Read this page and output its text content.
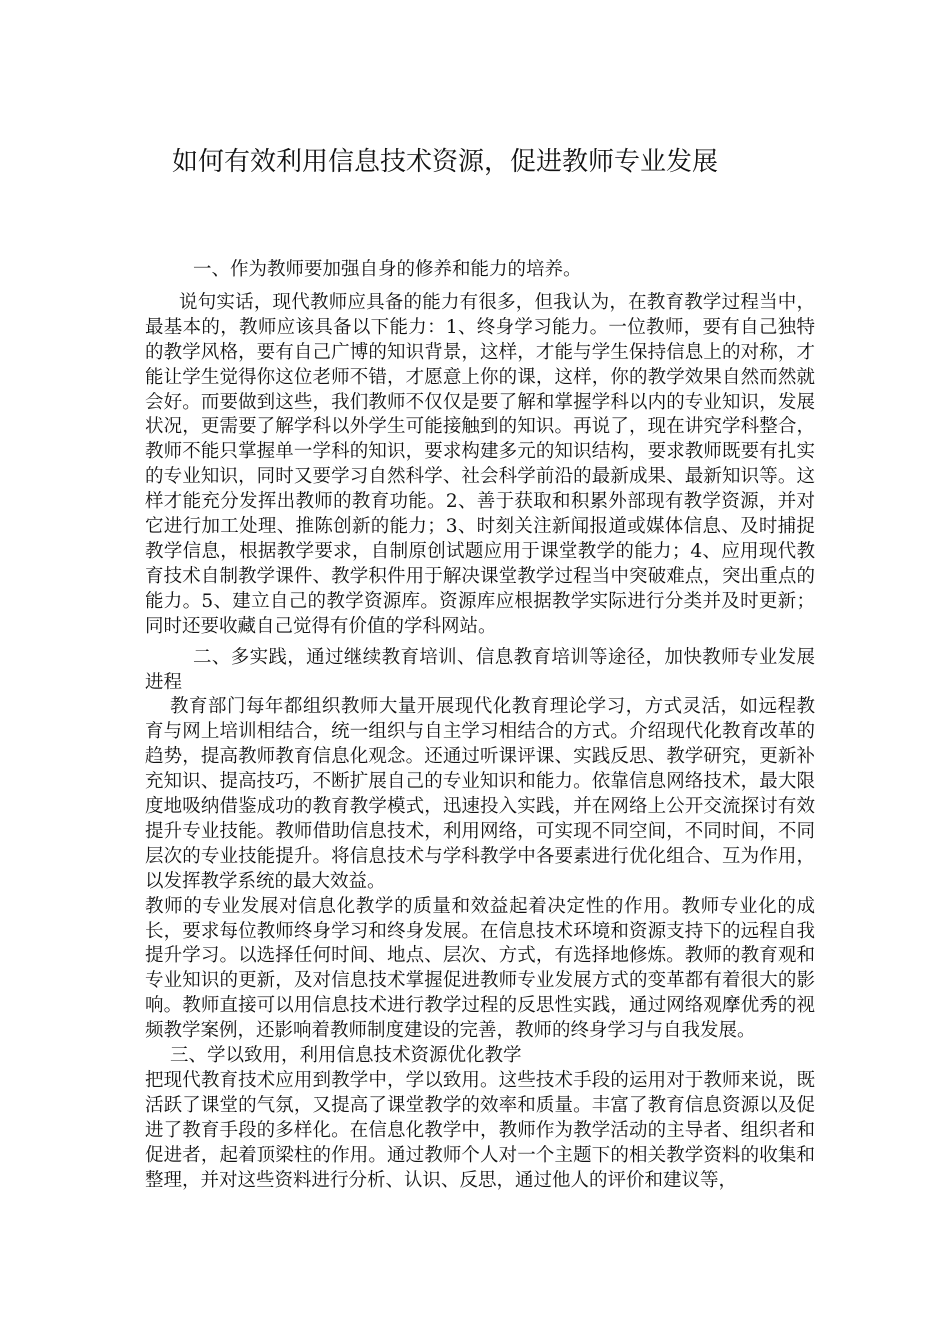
如何有效利用信息技术资源，促进教师专业发展

一、作为教师要加强自身的修养和能力的培养。

说句实话，现代教师应具备的能力有很多，但我认为，在教育教学过程当中，最基本的，教师应该具备以下能力：1、终身学习能力。一位教师，要有自己独特的教学风格，要有自己广博的知识背景，这样，才能与学生保持信息上的对称，才能让学生觉得你这位老师不错，才愿意上你的课，这样，你的教学效果自然而然就会好。而要做到这些，我们教师不仅仅是要了解和掌握学科以内的专业知识，发展状况，更需要了解学科以外学生可能接触到的知识。再说了，现在讲究学科整合，教师不能只掌握单一学科的知识，要求构建多元的知识结构，要求教师既要有扎实的专业知识，同时又要学习自然科学、社会科学前沿的最新成果、最新知识等。这样才能充分发挥出教师的教育功能。2、善于获取和积累外部现有教学资源，并对它进行加工处理、推陈创新的能力；3、时刻关注新闻报道或媒体信息、及时捕捉教学信息，根据教学要求，自制原创试题应用于课堂教学的能力；4、应用现代教育技术自制教学课件、教学积件用于解决课堂教学过程当中突破难点，突出重点的能力。5、建立自己的教学资源库。资源库应根据教学实际进行分类并及时更新；同时还要收藏自己觉得有价值的学科网站。

二、多实践，通过继续教育培训、信息教育培训等途径，加快教师专业发展进程

教育部门每年都组织教师大量开展现代化教育理论学习，方式灵活，如远程教育与网上培训相结合，统一组织与自主学习相结合的方式。介绍现代化教育改革的趋势，提高教师教育信息化观念。还通过听课评课、实践反思、教学研究，更新补充知识、提高技巧，不断扩展自己的专业知识和能力。依靠信息网络技术，最大限度地吸纳借鉴成功的教育教学模式，迅速投入实践，并在网络上公开交流探讨有效提升专业技能。教师借助信息技术，利用网络，可实现不同空间，不同时间，不同层次的专业技能提升。将信息技术与学科教学中各要素进行优化组合、互为作用，以发挥教学系统的最大效益。

教师的专业发展对信息化教学的质量和效益起着决定性的作用。教师专业化的成长，要求每位教师终身学习和终身发展。在信息技术环境和资源支持下的远程自我提升学习。以选择任何时间、地点、层次、方式，有选择地修炼。教师的教育观和专业知识的更新，及对信息技术掌握促进教师专业发展方式的变革都有着很大的影响。教师直接可以用信息技术进行教学过程的反思性实践，通过网络观摩优秀的视频教学案例，还影响着教师制度建设的完善，教师的终身学习与自我发展。

三、学以致用，利用信息技术资源优化教学

把现代教育技术应用到教学中，学以致用。这些技术手段的运用对于教师来说，既活跃了课堂的气氛，又提高了课堂教学的效率和质量。丰富了教育信息资源以及促进了教育手段的多样化。在信息化教学中，教师作为教学活动的主导者、组织者和促进者，起着顶梁柱的作用。通过教师个人对一个主题下的相关教学资料的收集和整理，并对这些资料进行分析、认识、反思，通过他人的评价和建议等，
